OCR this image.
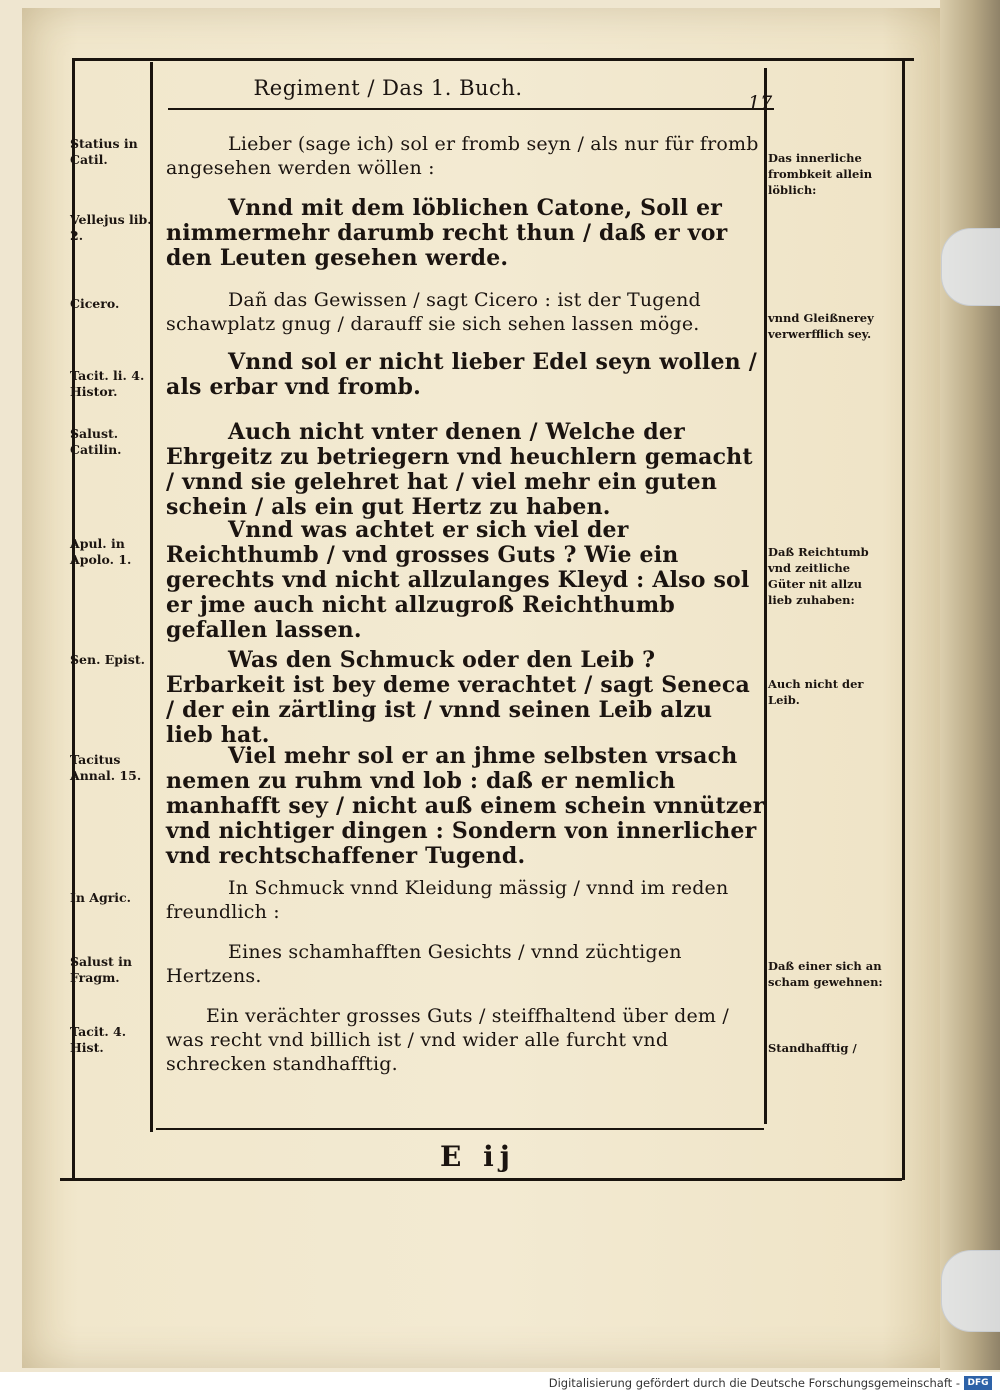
Regiment / Das 1. Buch.
17
Lieber (sage ich) sol er fromb seyn / als nur für fromb angesehen werden wöllen :
Vnnd mit dem löblichen Catone, Soll er nimmermehr darumb recht thun / daß er vor den Leuten gesehen werde.
Dañ das Gewissen / sagt Cicero : ist der Tugend schawplatz gnug / darauff sie sich sehen lassen möge.
Vnnd sol er nicht lieber Edel seyn wollen / als erbar vnd fromb.
Auch nicht vnter denen / Welche der Ehrgeitz zu betriegern vnd heuchlern gemacht / vnnd sie gelehret hat / viel mehr ein guten schein / als ein gut Hertz zu haben.
Vnnd was achtet er sich viel der Reichthumb / vnd grosses Guts ? Wie ein gerechts vnd nicht allzulanges Kleyd : Also sol er jme auch nicht allzugroß Reichthumb gefallen lassen.
Was den Schmuck oder den Leib ? Erbarkeit ist bey deme verachtet / sagt Seneca / der ein zärtling ist / vnnd seinen Leib alzu lieb hat.
Viel mehr sol er an jhme selbsten vrsach nemen zu ruhm vnd lob : daß er nemlich manhafft sey / nicht auß einem schein vnnützer vnd nichtiger dingen : Sondern von innerlicher vnd rechtschaffener Tugend.
In Schmuck vnnd Kleidung mässig / vnnd im reden freundlich :
Eines schamhafften Gesichts / vnnd züchtigen Hertzens.
Ein verächter grosses Guts / steiffhaltend über dem / was recht vnd billich ist / vnd wider alle furcht vnd schrecken standhafftig.
Statius in Catil.
Vellejus lib. 2.
Cicero.
Tacit. li. 4. Histor.
Salust. Catilin.
Apul. in Apolo. 1.
Sen. Epist.
Tacitus Annal. 15.
In Agric.
Salust in Fragm.
Tacit. 4. Hist.
Das innerliche frombkeit allein löblich:
vnnd Gleißnerey verwerfflich sey.
Daß Reichtumb vnd zeitliche Güter nit allzu lieb zuhaben:
Auch nicht der Leib.
Daß einer sich an scham gewehnen:
Standhafftig /
E ij
Digitalisierung gefördert durch die Deutsche Forschungsgemeinschaft - DFG
